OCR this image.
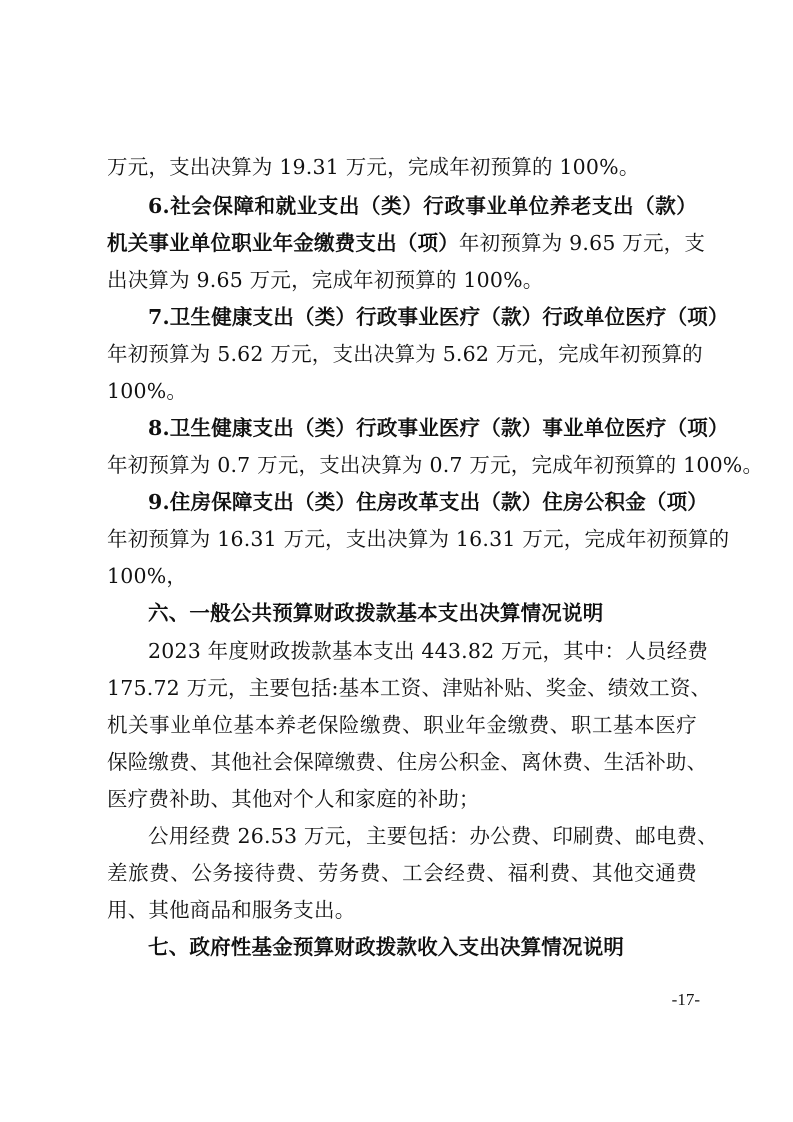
万元，支出决算为 19.31 万元，完成年初预算的 100%。
6.社会保障和就业支出（类）行政事业单位养老支出（款）
机关事业单位职业年金缴费支出（项）年初预算为 9.65 万元，支
出决算为 9.65 万元，完成年初预算的 100%。
7.卫生健康支出（类）行政事业医疗（款）行政单位医疗（项）
年初预算为 5.62 万元，支出决算为 5.62 万元，完成年初预算的
100%。
8.卫生健康支出（类）行政事业医疗（款）事业单位医疗（项）
年初预算为 0.7 万元，支出决算为 0.7 万元，完成年初预算的 100%。
9.住房保障支出（类）住房改革支出（款）住房公积金（项）
年初预算为 16.31 万元，支出决算为 16.31 万元，完成年初预算的
100%，
六、一般公共预算财政拨款基本支出决算情况说明
2023 年度财政拨款基本支出 443.82 万元，其中：人员经费
175.72 万元，主要包括:基本工资、津贴补贴、奖金、绩效工资、
机关事业单位基本养老保险缴费、职业年金缴费、职工基本医疗
保险缴费、其他社会保障缴费、住房公积金、离休费、生活补助、
医疗费补助、其他对个人和家庭的补助；
公用经费 26.53 万元，主要包括：办公费、印刷费、邮电费、
差旅费、公务接待费、劳务费、工会经费、福利费、其他交通费
用、其他商品和服务支出。
七、政府性基金预算财政拨款收入支出决算情况说明
-17-
